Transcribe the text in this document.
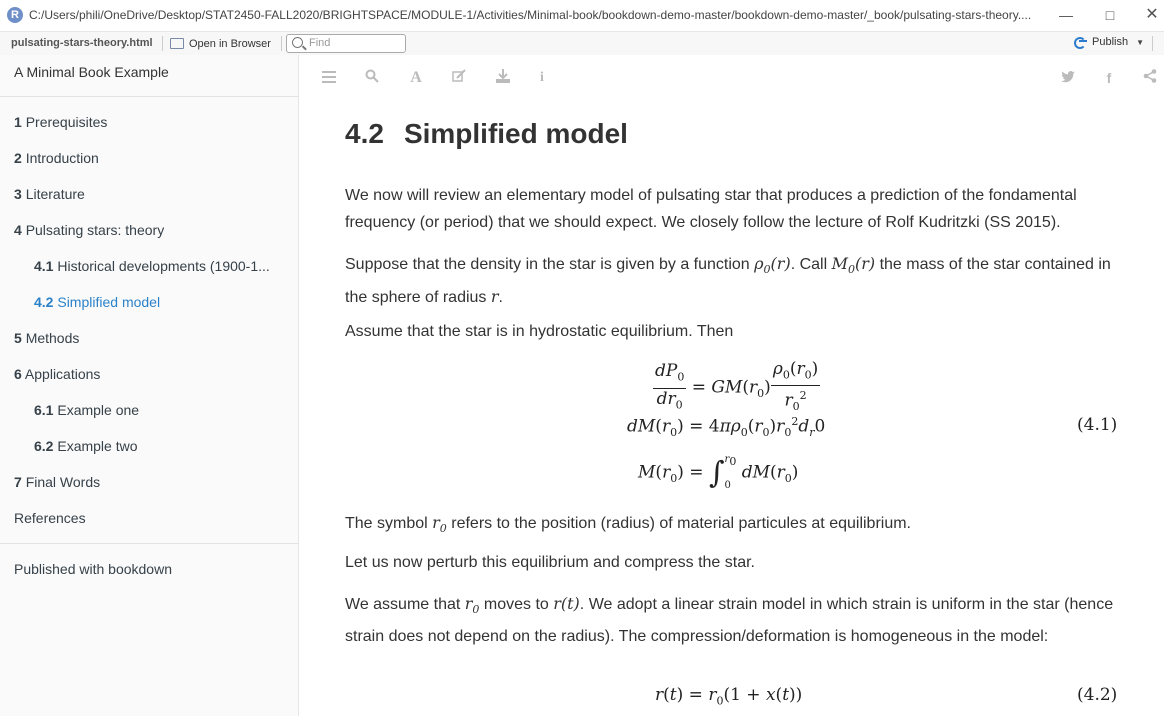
R C:/Users/phili/OneDrive/Desktop/STAT2450-FALL2020/BRIGHTSPACE/MODULE-1/Activities/Minimal-book/bookdown-demo-master/bookdown-demo-master/_book/pulsating-stars-theory....	—	□	✕
pulsating-stars-theory.html	Open in Browser
Find	Publish ▼
A Minimal Book Example
1 Prerequisites
2 Introduction
3 Literature
4 Pulsating stars: theory
4.1 Historical developments (1900-1...
4.2 Simplified model
5 Methods
6 Applications
6.1 Example one
6.2 Example two
7 Final Words
References
Published with bookdown
A	i	f
4.2 Simplified model
We now will review an elementary model of pulsating star that produces a prediction of the fondamental frequency (or period) that we should expect. We closely follow the lecture of Rolf Kudritzki (SS 2015).
Suppose that the density in the star is given by a function $\rho_0(r)$. Call $M_0(r)$ the mass of the star contained in the sphere of radius r.
Assume that the star is in hydrostatic equilibrium. Then
$\frac{dP_0}{dr_0} = GM(r_0) \frac{\rho_0(r_0)}{r_0^2}$
$dM(r_0) = 4\pi\rho_0(r_0)r_0^2d_r0$
$M(r_0) = \int r_0$
0 $dM(r_0)$
(4.1)
The symbol $r_0$ refers to the position (radius) of material particules at equilibrium.
Let us now perturb this equilibrium and compress the star.
We assume that $r_0$ moves to r(t). We adopt a linear strain model in which strain is uniform in the star (hence strain does not depend on the radius). The compression/deformation is homogeneous in the model:
$r(t) = r_0(1 + x(t))$	(4.2)
